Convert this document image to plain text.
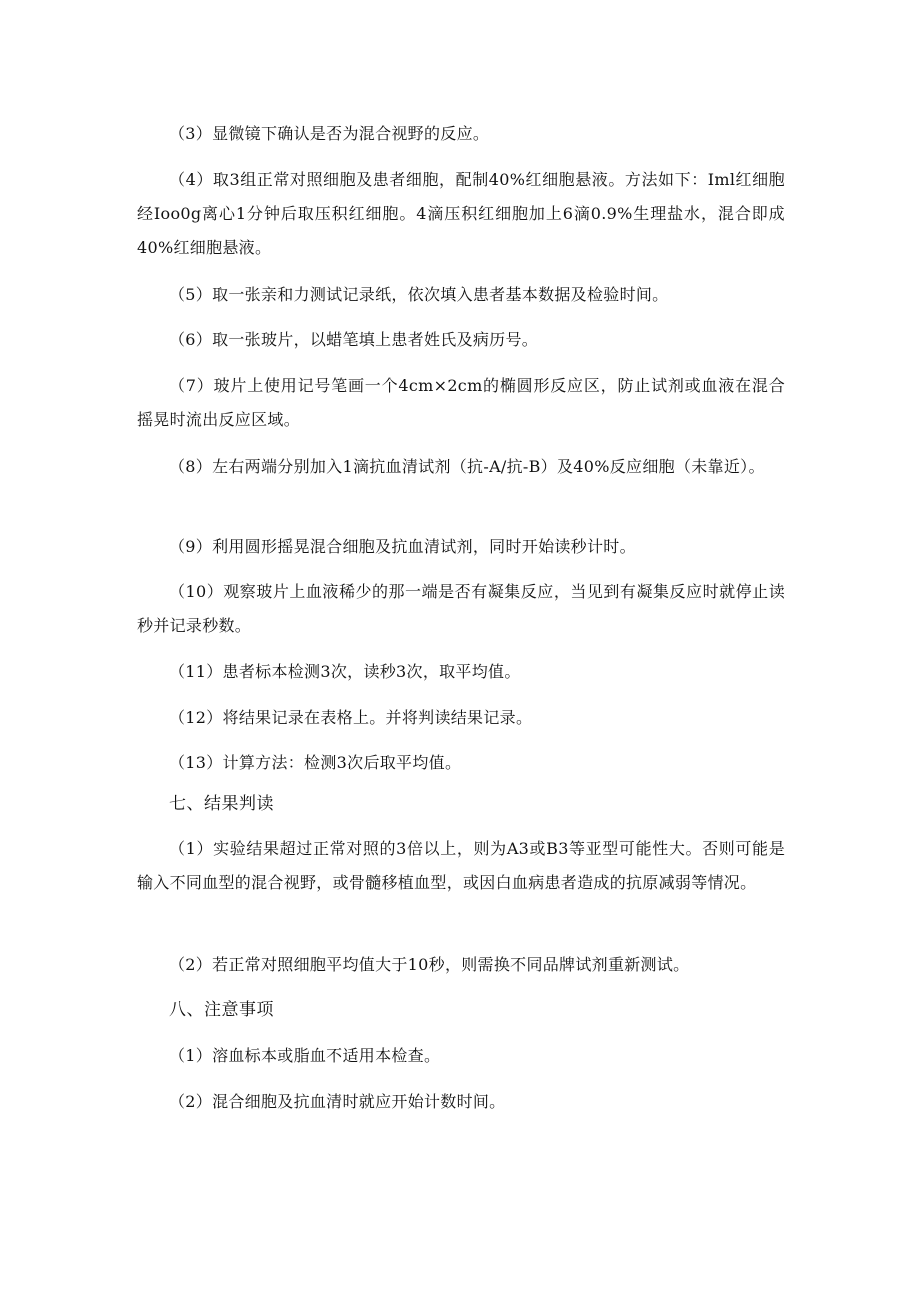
（3）显微镜下确认是否为混合视野的反应。

（4）取3组正常对照细胞及患者细胞，配制40%红细胞悬液。方法如下：Iml红细胞经Ioo0g离心1分钟后取压积红细胞。4滴压积红细胞加上6滴0.9%生理盐水，混合即成40%红细胞悬液。

（5）取一张亲和力测试记录纸，依次填入患者基本数据及检验时间。

（6）取一张玻片，以蜡笔填上患者姓氏及病历号。

（7）玻片上使用记号笔画一个4cm×2cm的椭圆形反应区，防止试剂或血液在混合摇晃时流出反应区域。

（8）左右两端分别加入1滴抗血清试剂（抗-A/抗-B）及40%反应细胞（未靠近）。

（9）利用圆形摇晃混合细胞及抗血清试剂，同时开始读秒计时。

（10）观察玻片上血液稀少的那一端是否有凝集反应，当见到有凝集反应时就停止读秒并记录秒数。

（11）患者标本检测3次，读秒3次，取平均值。

（12）将结果记录在表格上。并将判读结果记录。

（13）计算方法：检测3次后取平均值。

七、结果判读

（1）实验结果超过正常对照的3倍以上，则为A3或B3等亚型可能性大。否则可能是输入不同血型的混合视野，或骨髓移植血型，或因白血病患者造成的抗原减弱等情况。

（2）若正常对照细胞平均值大于10秒，则需换不同品牌试剂重新测试。

八、注意事项

（1）溶血标本或脂血不适用本检查。

（2）混合细胞及抗血清时就应开始计数时间。
